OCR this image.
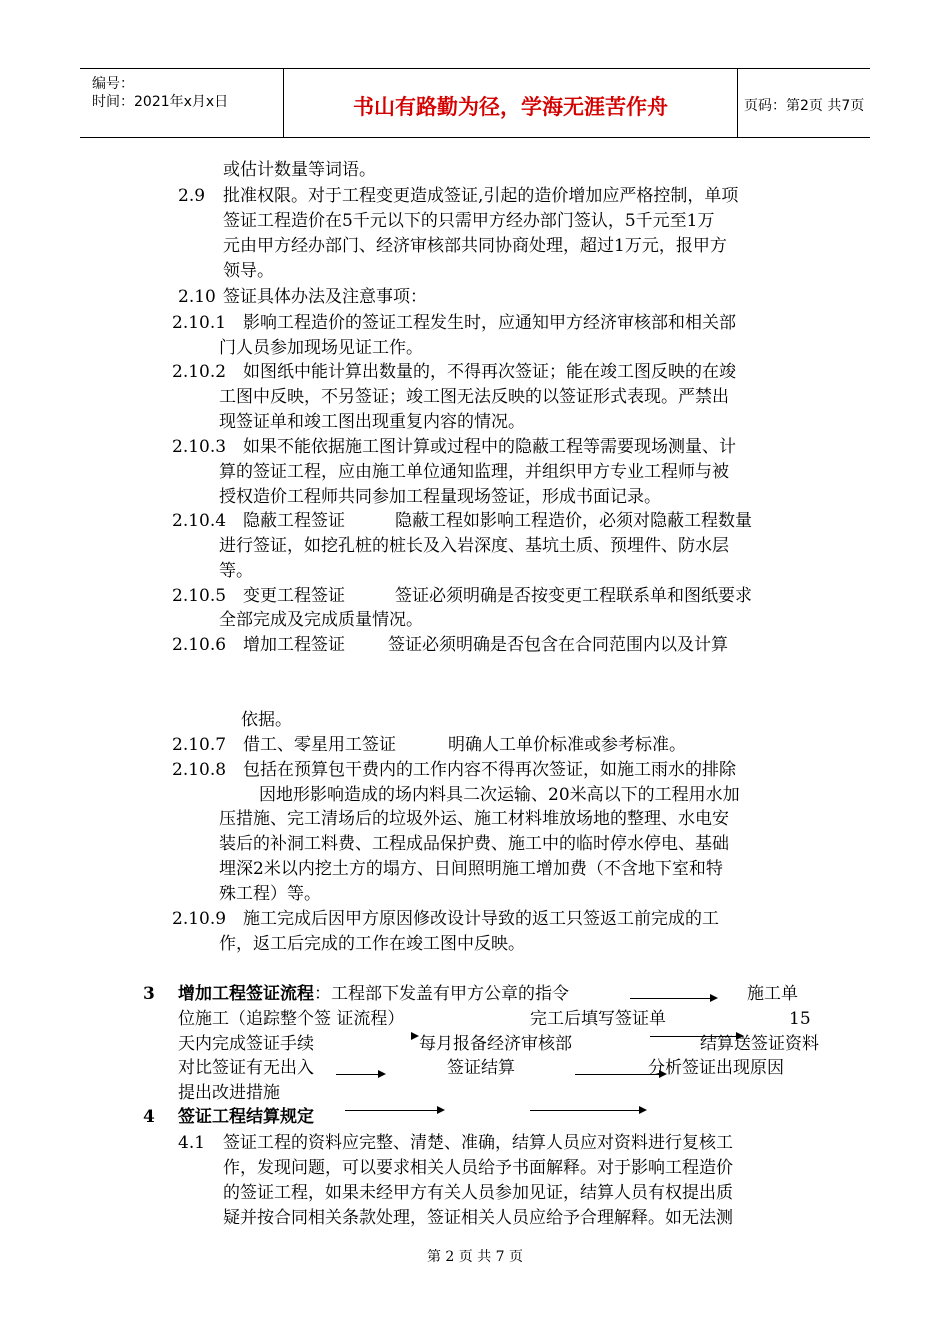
编号：
时间：2021年x月x日	书山有路勤为径，学海无涯苦作舟	页码：第2页 共7页
或估计数量等词语。
2.9 批准权限。对于工程变更造成签证,引起的造价增加应严格控制，单项
签证工程造价在5千元以下的只需甲方经办部门签认，5千元至1万
元由甲方经办部门、经济审核部共同协商处理，超过1万元，报甲方
领导。
2.10 签证具体办法及注意事项：
2.10.1 影响工程造价的签证工程发生时，应通知甲方经济审核部和相关部
门人员参加现场见证工作。
2.10.2 如图纸中能计算出数量的，不得再次签证；能在竣工图反映的在竣
工图中反映，不另签证；竣工图无法反映的以签证形式表现。严禁出
现签证单和竣工图出现重复内容的情况。
2.10.3 如果不能依据施工图计算或过程中的隐蔽工程等需要现场测量、计
算的签证工程，应由施工单位通知监理，并组织甲方专业工程师与被
授权造价工程师共同参加工程量现场签证，形成书面记录。
2.10.4 隐蔽工程签证	隐蔽工程如影响工程造价，必须对隐蔽工程数量
进行签证，如挖孔桩的桩长及入岩深度、基坑土质、预埋件、防水层
等。
2.10.5 变更工程签证	签证必须明确是否按变更工程联系单和图纸要求
全部完成及完成质量情况。
2.10.6 增加工程签证	签证必须明确是否包含在合同范围内以及计算
依据。
2.10.7 借工、零星用工签证	明确人工单价标准或参考标准。
2.10.8 包括在预算包干费内的工作内容不得再次签证，如施工雨水的排除
因地形影响造成的场内料具二次运输、20米高以下的工程用水加
压措施、完工清场后的垃圾外运、施工材料堆放场地的整理、水电安
装后的补洞工料费、工程成品保护费、施工中的临时停水停电、基础
埋深2米以内挖土方的塌方、日间照明施工增加费（不含地下室和特
殊工程）等。
2.10.9 施工完成后因甲方原因修改设计导致的返工只签返工前完成的工
作，返工后完成的工作在竣工图中反映。
3 增加工程签证流程 ：工程部下发盖有甲方公章的指令	施工单
位施工（追踪整个签 证流程）	完工后填写签证单	15
天内完成签证手续	每月报备经济审核部	结算送签证资料
对比签证有无出入	签证结算	分析签证出现原因
提出改进措施
4 签证工程结算规定
4.1 签证工程的资料应完整、清楚、准确，结算人员应对资料进行复核工
作，发现问题，可以要求相关人员给予书面解释。对于影响工程造价
的签证工程，如果未经甲方有关人员参加见证，结算人员有权提出质
疑并按合同相关条款处理，签证相关人员应给予合理解释。如无法测
第 2 页 共 7 页
